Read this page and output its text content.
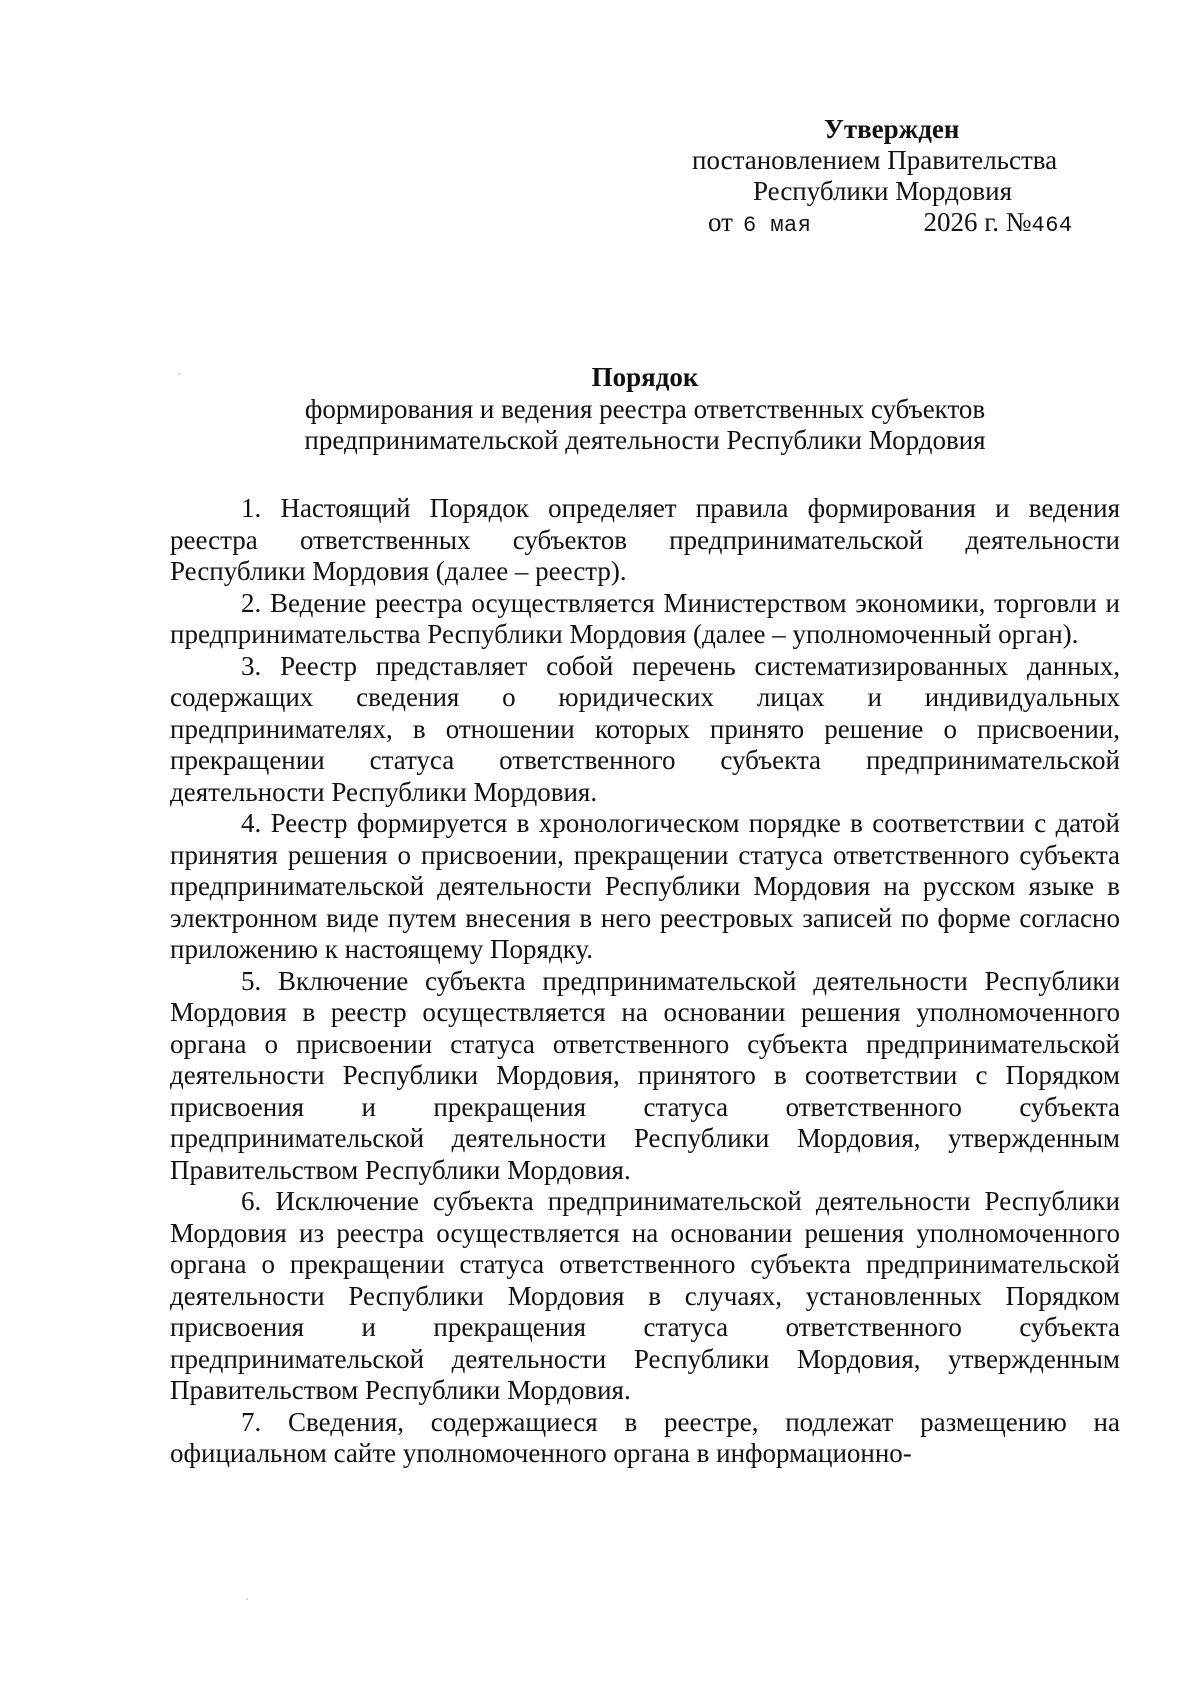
Утвержден
постановлением Правительства
Республики Мордовия
от 6 мая	2026 г. №464
Порядок
формирования и ведения реестра ответственных субъектов
предпринимательской деятельности Республики Мордовия

1. Настоящий Порядок определяет правила формирования и ведения реестра ответственных субъектов предпринимательской деятельности Республики Мордовия (далее – реестр).

2. Ведение реестра осуществляется Министерством экономики, торговли и предпринимательства Республики Мордовия (далее – уполномоченный орган).

3. Реестр представляет собой перечень систематизированных данных, содержащих сведения о юридических лицах и индивидуальных предпринимателях, в отношении которых принято решение о присвоении, прекращении статуса ответственного субъекта предпринимательской деятельности Республики Мордовия.

4. Реестр формируется в хронологическом порядке в соответствии с датой принятия решения о присвоении, прекращении статуса ответственного субъекта предпринимательской деятельности Республики Мордовия на русском языке в электронном виде путем внесения в него реестровых записей по форме согласно приложению к настоящему Порядку.

5. Включение субъекта предпринимательской деятельности Республики Мордовия в реестр осуществляется на основании решения уполномоченного органа о присвоении статуса ответственного субъекта предпринимательской деятельности Республики Мордовия, принятого в соответствии с Порядком присвоения и прекращения статуса ответственного субъекта предпринимательской деятельности Республики Мордовия, утвержденным Правительством Республики Мордовия.

6. Исключение субъекта предпринимательской деятельности Республики Мордовия из реестра осуществляется на основании решения уполномоченного органа о прекращении статуса ответственного субъекта предпринимательской деятельности Республики Мордовия в случаях, установленных Порядком присвоения и прекращения статуса ответственного субъекта предпринимательской деятельности Республики Мордовия, утвержденным Правительством Республики Мордовия.

7. Сведения, содержащиеся в реестре, подлежат размещению на официальном сайте уполномоченного органа в информационно-
